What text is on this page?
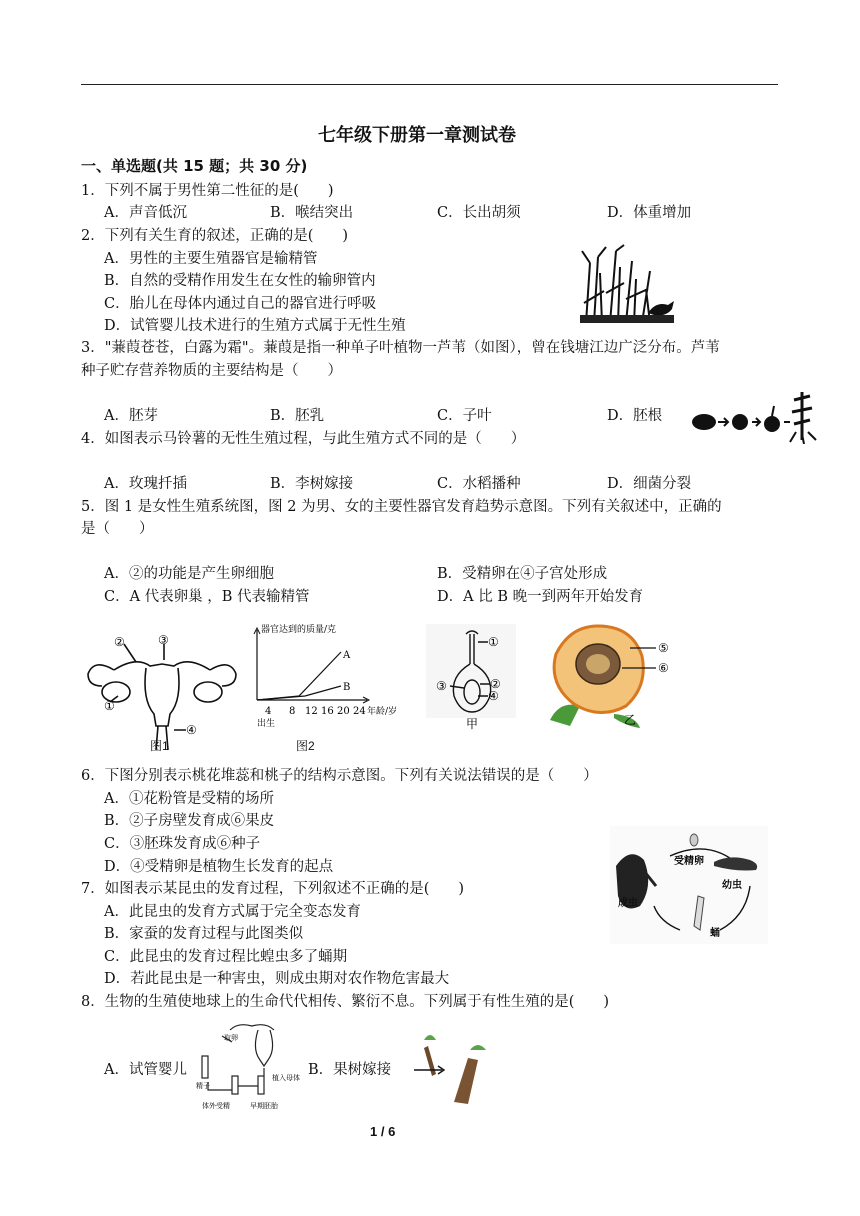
七年级下册第一章测试卷
一、单选题(共 15 题；共 30 分)
1．下列不属于男性第二性征的是(　　)
A．声音低沉	B．喉结突出	C．长出胡须	D．体重增加
2．下列有关生育的叙述，正确的是(　　)
A．男性的主要生殖器官是输精管
B．自然的受精作用发生在女性的输卵管内
C．胎儿在母体内通过自己的器官进行呼吸
D．试管婴儿技术进行的生殖方式属于无性生殖
3．"蒹葭苍苍，白露为霜"。蒹葭是指一种单子叶植物一芦苇（如图），曾在钱塘江边广泛分布。芦苇
种子贮存营养物质的主要结构是（　　）
A．胚芽	B．胚乳	C．子叶	D．胚根
4．如图表示马铃薯的无性生殖过程，与此生殖方式不同的是（　　）
A．玫瑰扦插	B．李树嫁接	C．水稻播种	D．细菌分裂
5．图 1 是女性生殖系统图，图 2 为男、女的主要性器官发育趋势示意图。下列有关叙述中，正确的
是（　　）
A．②的功能是产生卵细胞	B．受精卵在④子宫处形成
C．A 代表卵巢 ，B 代表输精管	D．A 比 B 晚一到两年开始发育
②	③
①
④
图1
器官达到的质量/克
A
B
4 8 12 16 20 24 年龄/岁
出生
图2
①
②
③
④
甲
⑤
⑥
乙
6．下图分别表示桃花堆蕊和桃子的结构示意图。下列有关说法错误的是（　　）
A．①花粉管是受精的场所
B．②子房壁发育成⑥果皮
C．③胚珠发育成⑥种子
D．④受精卵是植物生长发育的起点	受精卵
幼虫
蛹
成虫
7．如图表示某昆虫的发育过程，下列叙述不正确的是(　　)
A．此昆虫的发育方式属于完全变态发育
B．家蚕的发育过程与此图类似
C．此昆虫的发育过程比蝗虫多了蛹期
D．若此昆虫是一种害虫，则成虫期对农作物危害最大
8．生物的生殖使地球上的生命代代相传、繁衍不息。下列属于有性生殖的是(　　)
A．试管婴儿
取卵
精子
体外受精	早期胚胎
植入母体 B．果树嫁接
1 / 6
